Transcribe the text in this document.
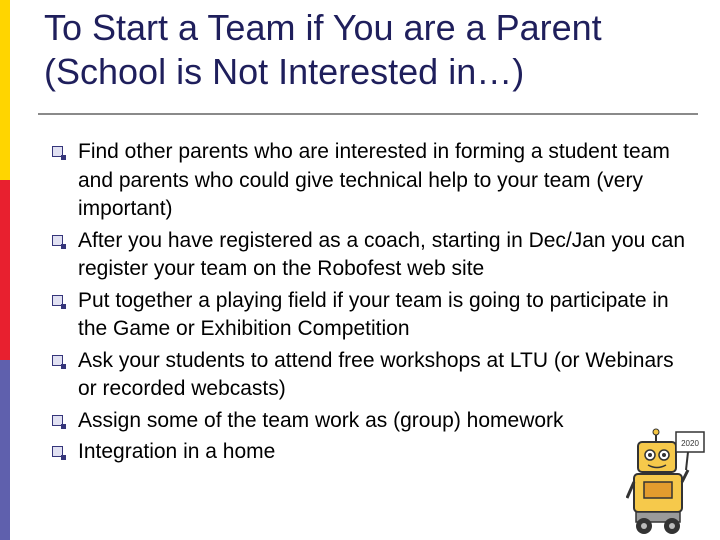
To Start a Team if You are a Parent
(School is Not Interested in…)
Find other parents who are interested in forming a student team and parents who could give technical help to your team (very important)
After you have registered as a coach, starting in Dec/Jan you can register your team on the Robofest web site
Put together a playing field if your team is going to participate in the Game or Exhibition Competition
Ask your students to attend free workshops at LTU (or Webinars or recorded webcasts)
Assign some of the team work as (group) homework
Integration in a home	2020
